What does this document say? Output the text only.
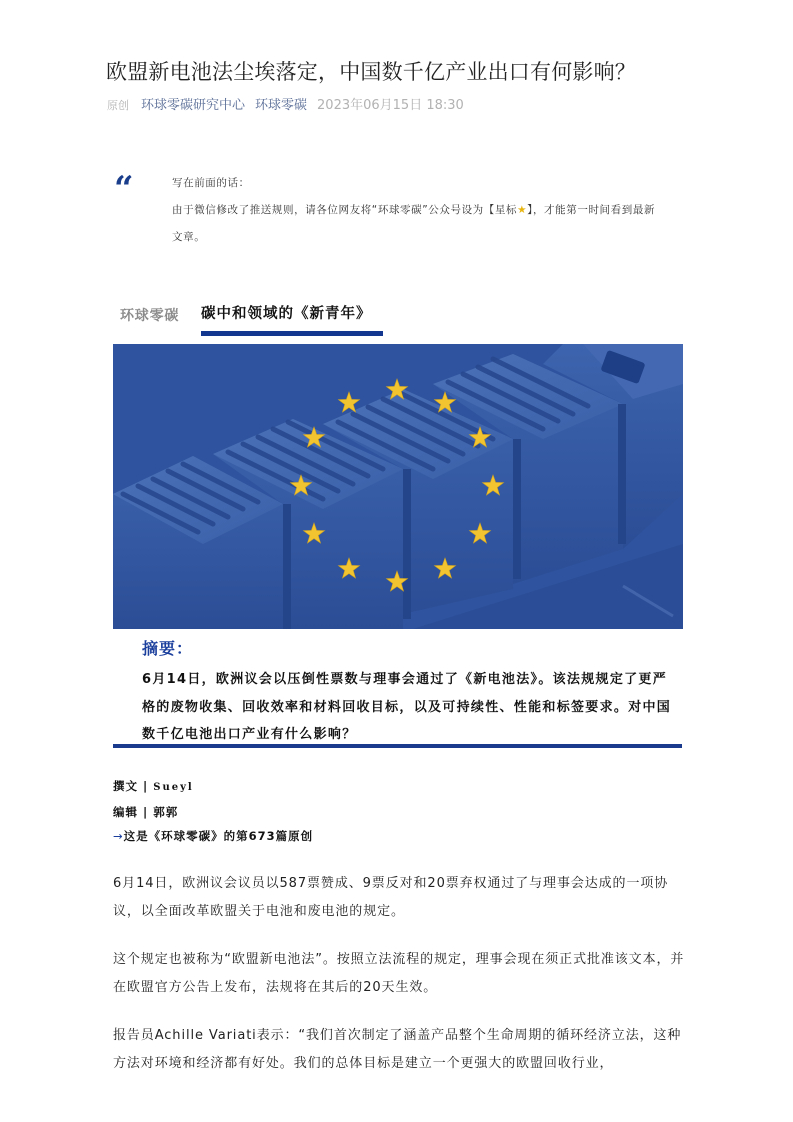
欧盟新电池法尘埃落定，中国数千亿产业出口有何影响？
原创 环球零碳研究中心 环球零碳 2023年06月15日 18:30
“	写在前面的话：
由于微信修改了推送规则，请各位网友将“环球零碳”公众号设为【星标★】，才能第一时间看到最新文章。
环球零碳 碳中和领域的《新青年》
摘要：
6月14日，欧洲议会以压倒性票数与理事会通过了《新电池法》。该法规规定了更严格的废物收集、回收效率和材料回收目标，以及可持续性、性能和标签要求。对中国数千亿电池出口产业有什么影响？
撰文 | Sueyl
编辑 | 郭郭
→这是《环球零碳》的第673篇原创
6月14日，欧洲议会议员以587票赞成、9票反对和20票弃权通过了与理事会达成的一项协议，以全面改革欧盟关于电池和废电池的规定。
这个规定也被称为“欧盟新电池法”。按照立法流程的规定，理事会现在须正式批准该文本，并在欧盟官方公告上发布，法规将在其后的20天生效。
报告员Achille Variati表示：“我们首次制定了涵盖产品整个生命周期的循环经济立法，这种方法对环境和经济都有好处。我们的总体目标是建立一个更强大的欧盟回收行业，
